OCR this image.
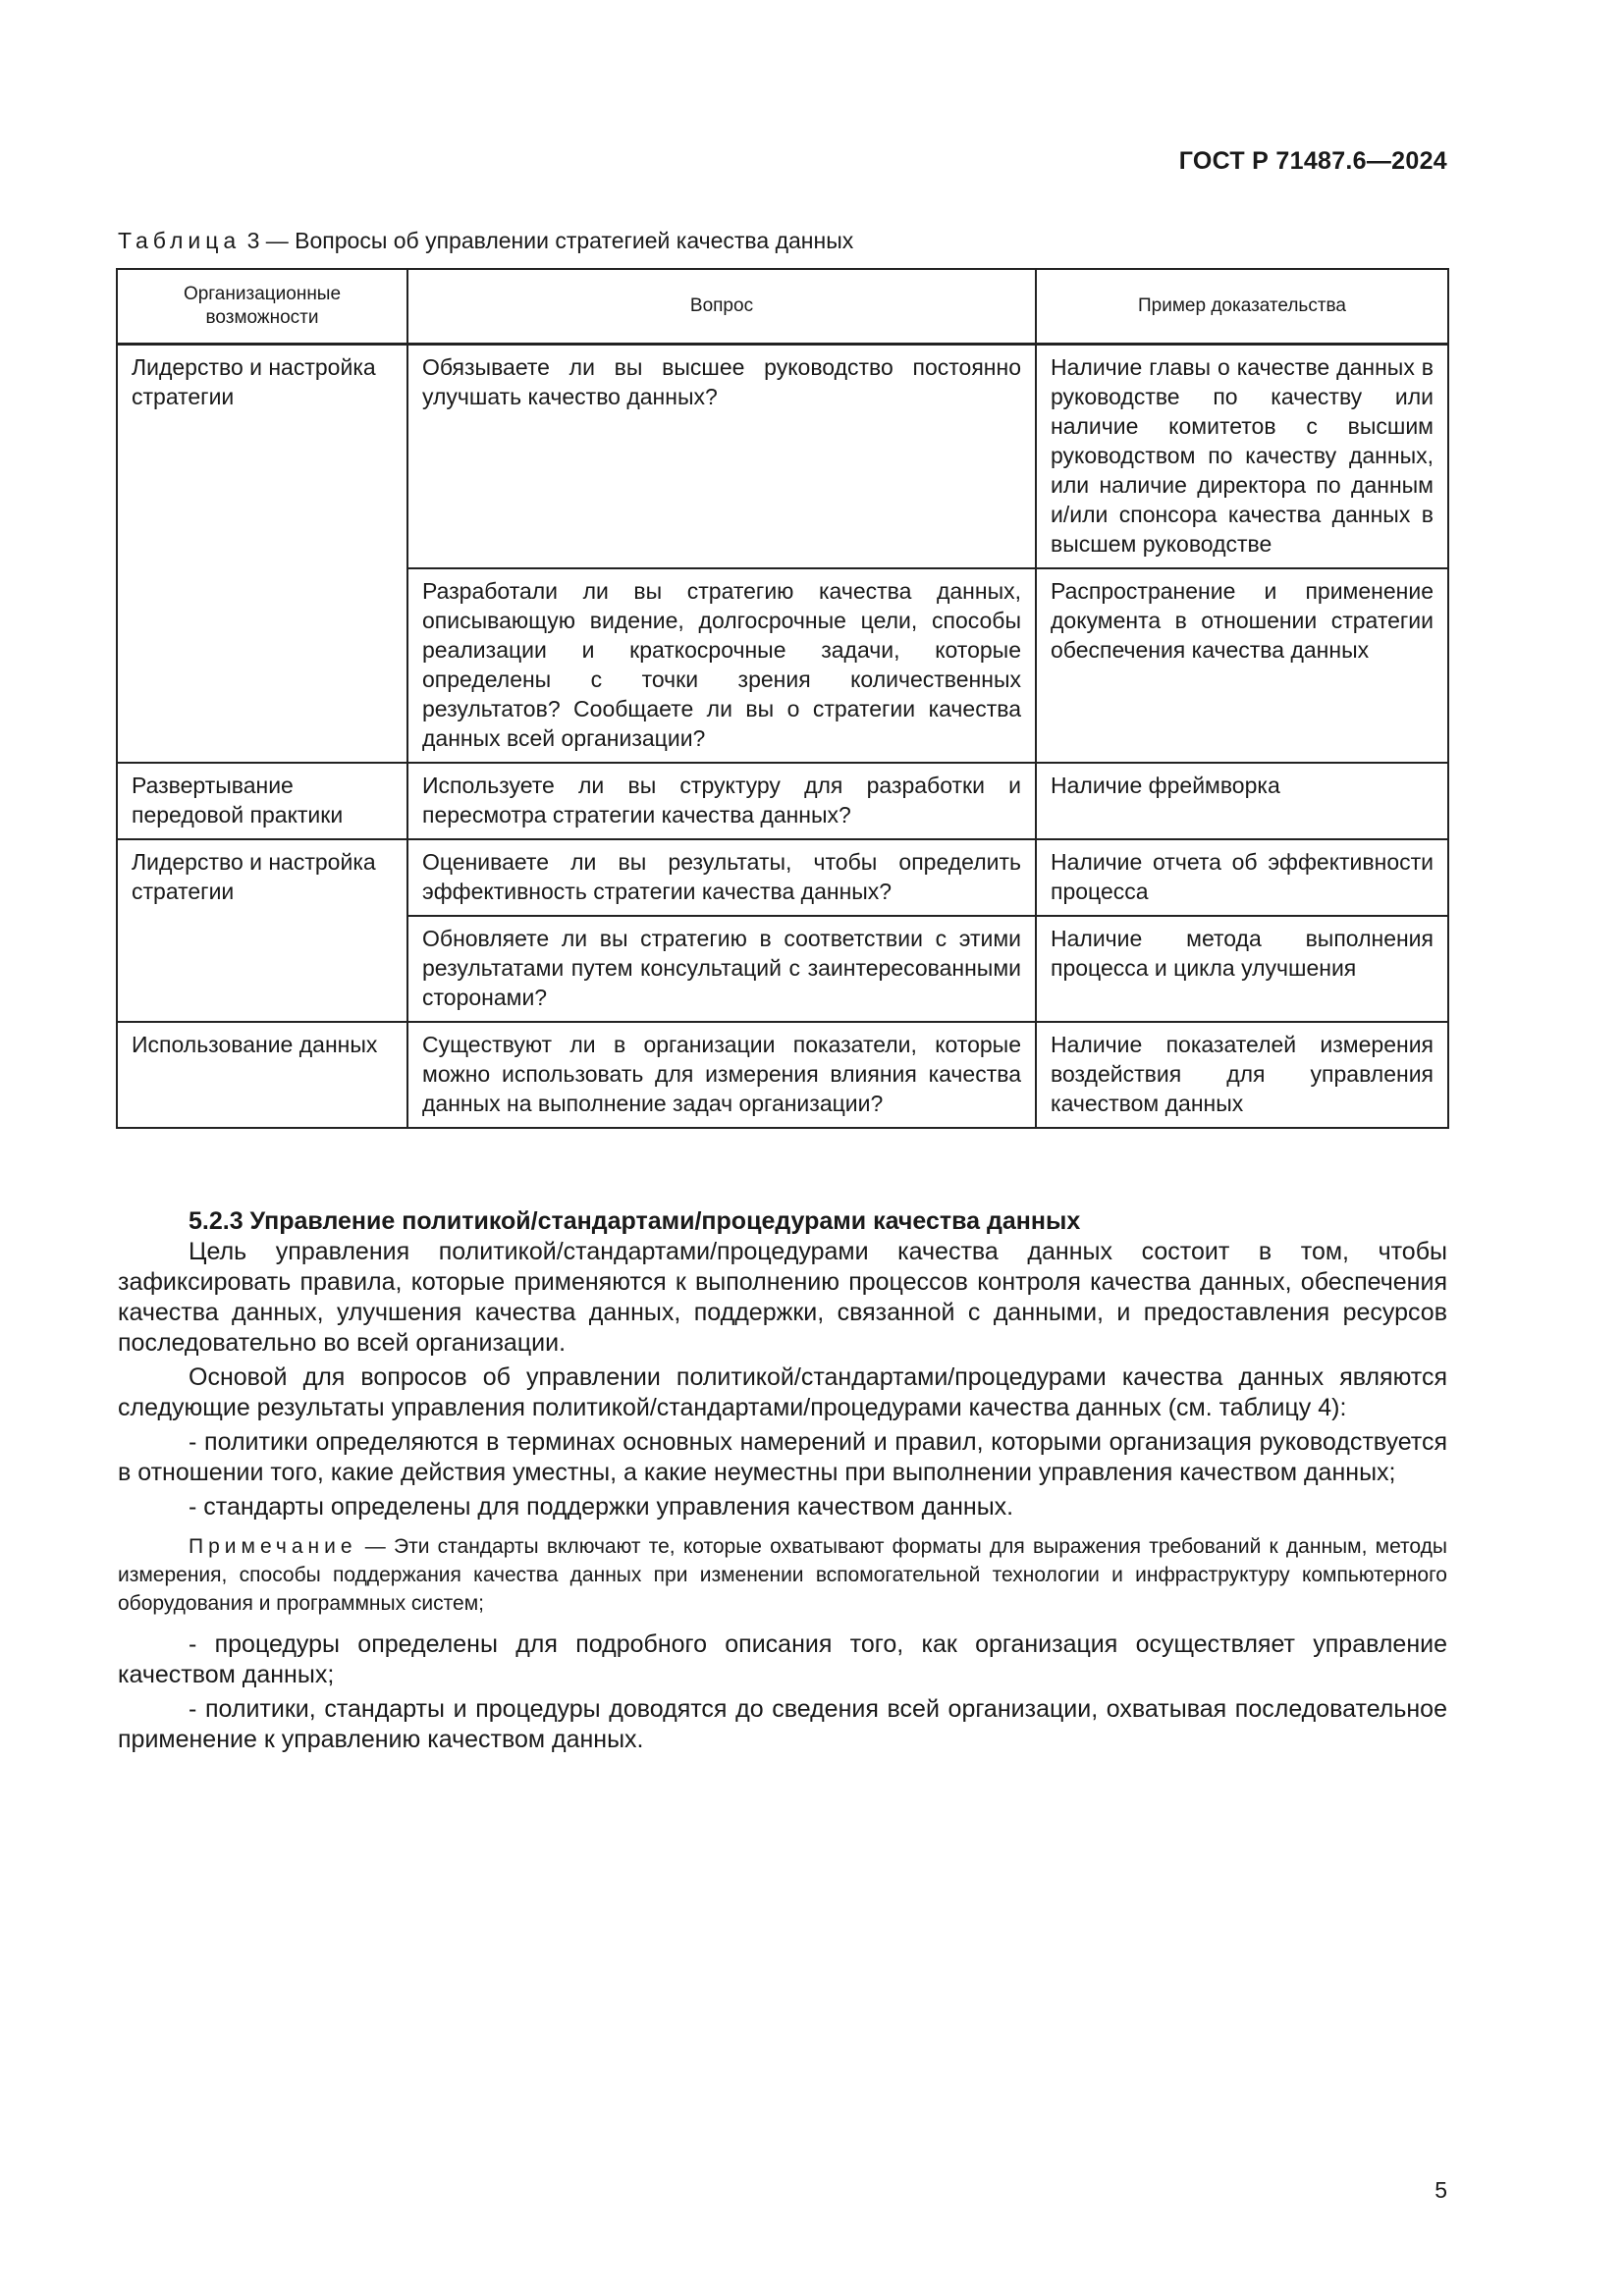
ГОСТ Р 71487.6—2024
Таблица 3 — Вопросы об управлении стратегией качества данных
Организационные возможности	Вопрос	Пример доказательства
Лидерство и настройка стратегии	Обязываете ли вы высшее руководство постоянно улучшать качество данных?	Наличие главы о качестве данных в руководстве по качеству или наличие комитетов с высшим руководством по качеству данных, или наличие директора по данным и/или спонсора качества данных в высшем руководстве
	Разработали ли вы стратегию качества данных, описывающую видение, долгосрочные цели, способы реализации и краткосрочные задачи, которые определены с точки зрения количественных результатов? Сообщаете ли вы о стратегии качества данных всей организации?	Распространение и применение документа в отношении стратегии обеспечения качества данных
Развертывание передовой практики	Используете ли вы структуру для разработки и пересмотра стратегии качества данных?	Наличие фреймворка
Лидерство и настройка стратегии	Оцениваете ли вы результаты, чтобы определить эффективность стратегии качества данных?	Наличие отчета об эффективности процесса
	Обновляете ли вы стратегию в соответствии с этими результатами путем консультаций с заинтересованными сторонами?	Наличие метода выполнения процесса и цикла улучшения
Использование данных	Существуют ли в организации показатели, которые можно использовать для измерения влияния качества данных на выполнение задач организации?	Наличие показателей измерения воздействия для управления качеством данных
5.2.3 Управление политикой/стандартами/процедурами качества данных

Цель управления политикой/стандартами/процедурами качества данных состоит в том, чтобы зафиксировать правила, которые применяются к выполнению процессов контроля качества данных, обеспечения качества данных, улучшения качества данных, поддержки, связанной с данными, и предоставления ресурсов последовательно во всей организации.

Основой для вопросов об управлении политикой/стандартами/процедурами качества данных являются следующие результаты управления политикой/стандартами/процедурами качества данных (см. таблицу 4):

- политики определяются в терминах основных намерений и правил, которыми организация руководствуется в отношении того, какие действия уместны, а какие неуместны при выполнении управления качеством данных;

- стандарты определены для поддержки управления качеством данных.

Примечание — Эти стандарты включают те, которые охватывают форматы для выражения требований к данным, методы измерения, способы поддержания качества данных при изменении вспомогательной технологии и инфраструктуру компьютерного оборудования и программных систем;

- процедуры определены для подробного описания того, как организация осуществляет управление качеством данных;

- политики, стандарты и процедуры доводятся до сведения всей организации, охватывая последовательное применение к управлению качеством данных.

5
